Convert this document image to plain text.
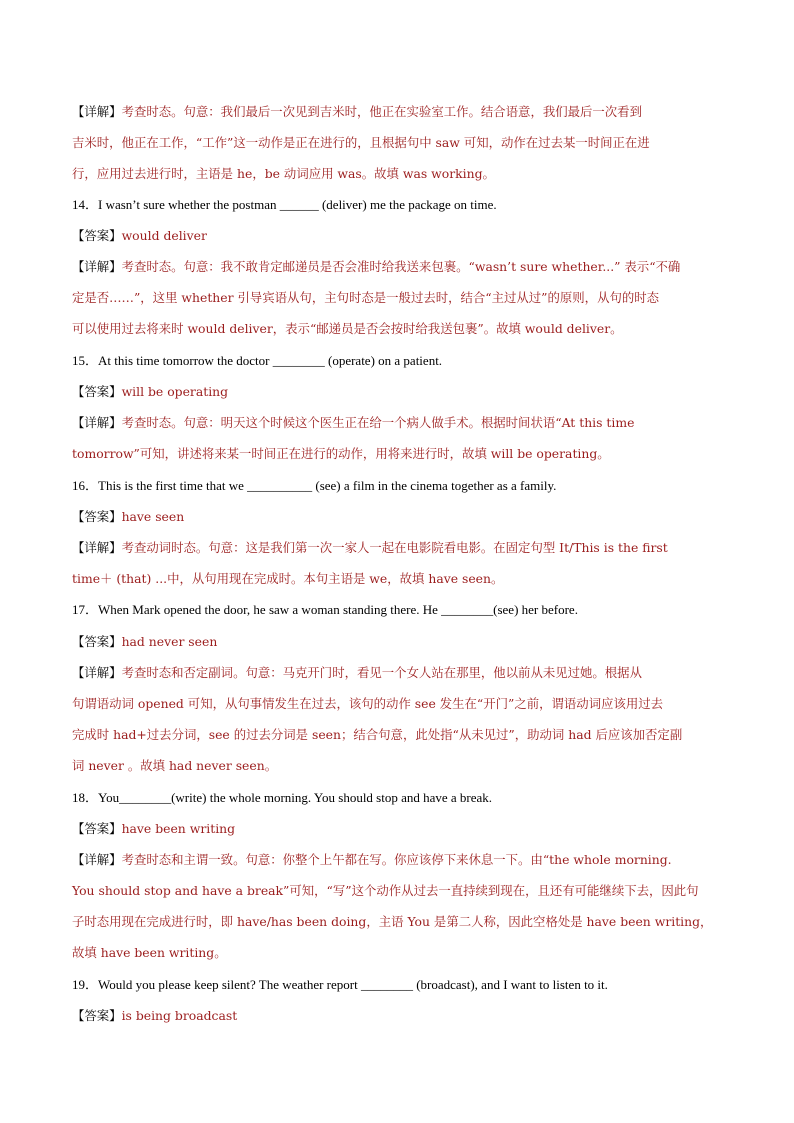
【详解】考查时态。句意：我们最后一次见到吉米时，他正在实验室工作。结合语意，我们最后一次看到
吉米时，他正在工作，“工作”这一动作是正在进行的，且根据句中 saw 可知，动作在过去某一时间正在进
行，应用过去进行时，主语是 he，be 动词应用 was。故填 was working。
14．I wasn’t sure whether the postman ______ (deliver) me the package on time.
【答案】would deliver
【详解】考查时态。句意：我不敢肯定邮递员是否会准时给我送来包裹。“wasn’t sure whether...” 表示“不确
定是否……”，这里 whether 引导宾语从句，主句时态是一般过去时，结合“主过从过”的原则，从句的时态
可以使用过去将来时 would deliver，表示“邮递员是否会按时给我送包裹”。故填 would deliver。
15．At this time tomorrow the doctor ________ (operate) on a patient.
【答案】will be operating
【详解】考查时态。句意：明天这个时候这个医生正在给一个病人做手术。根据时间状语“At this time
tomorrow”可知，讲述将来某一时间正在进行的动作，用将来进行时，故填 will be operating。
16．This is the first time that we __________ (see) a film in the cinema together as a family.
【答案】have seen
【详解】考查动词时态。句意：这是我们第一次一家人一起在电影院看电影。在固定句型 It/This is the first
time＋ (that) ...中，从句用现在完成时。本句主语是 we，故填 have seen。
17．When Mark opened the door, he saw a woman standing there. He ________(see) her before.
【答案】had never seen
【详解】考查时态和否定副词。句意：马克开门时，看见一个女人站在那里，他以前从未见过她。根据从
句谓语动词 opened 可知，从句事情发生在过去，该句的动作 see 发生在“开门”之前，谓语动词应该用过去
完成时 had+过去分词，see 的过去分词是 seen；结合句意，此处指“从未见过”，助动词 had 后应该加否定副
词 never 。故填 had never seen。
18．You________(write) the whole morning. You should stop and have a break.
【答案】have been writing
【详解】考查时态和主谓一致。句意：你整个上午都在写。你应该停下来休息一下。由“the whole morning.
You should stop and have a break”可知，“写”这个动作从过去一直持续到现在，且还有可能继续下去，因此句
子时态用现在完成进行时，即 have/has been doing，主语 You 是第二人称，因此空格处是 have been writing，
故填 have been writing。
19．Would you please keep silent? The weather report ________ (broadcast), and I want to listen to it.
【答案】is being broadcast
